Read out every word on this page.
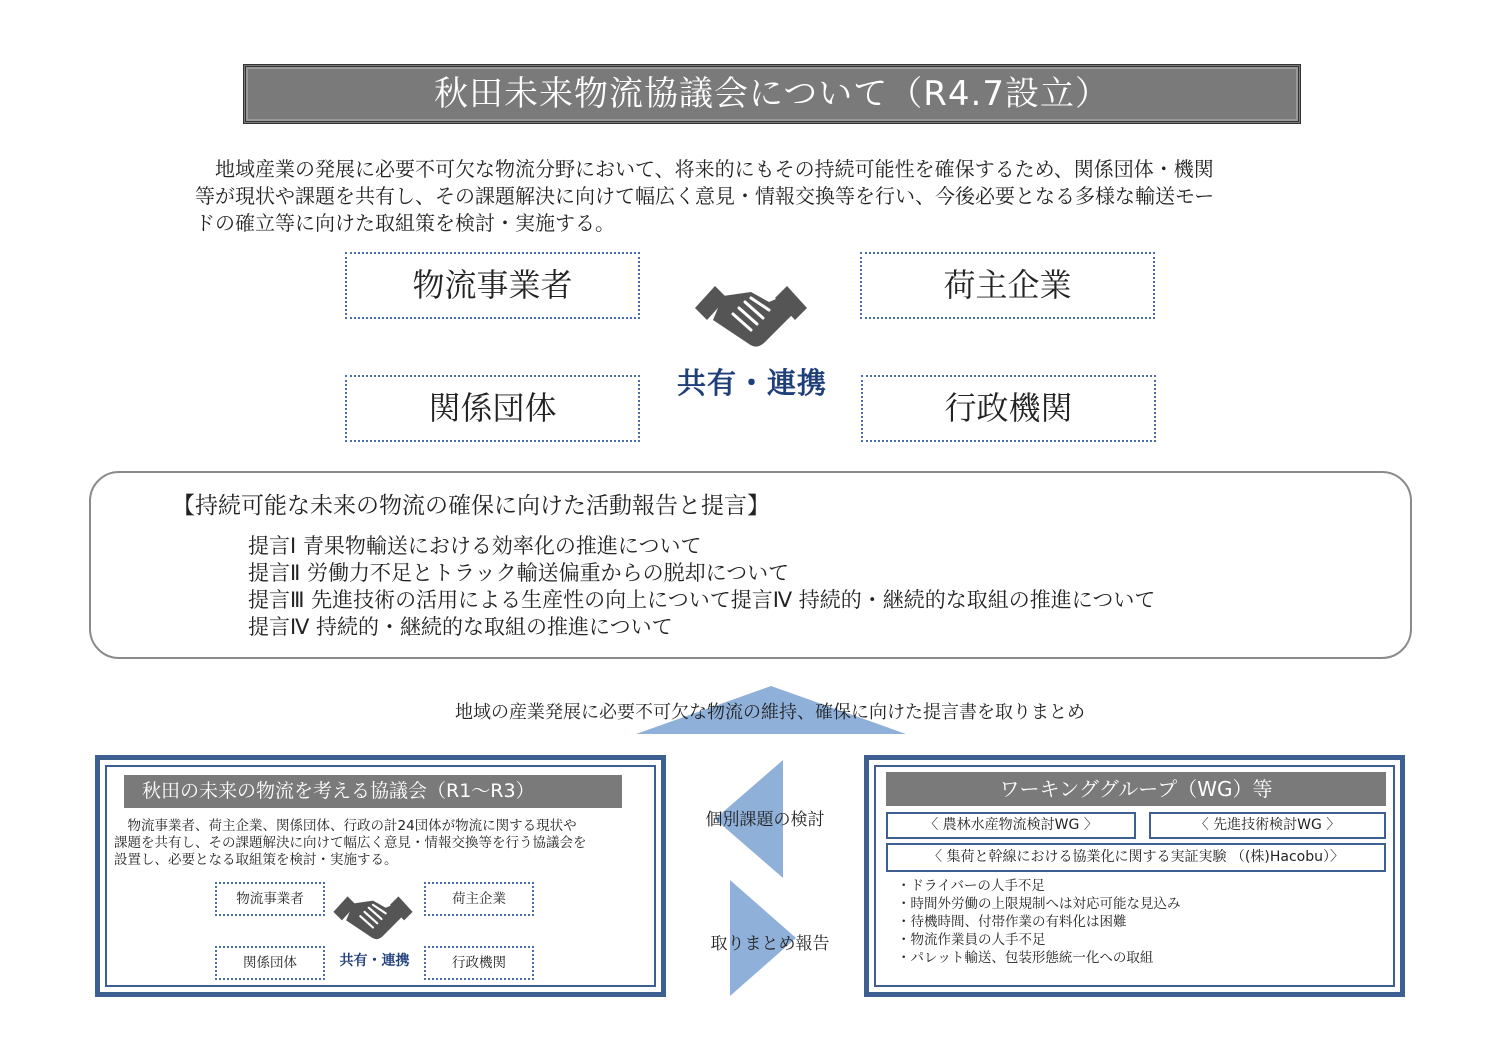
秋田未来物流協議会について（R4.7設立）
　地域産業の発展に必要不可欠な物流分野において、将来的にもその持続可能性を確保するため、関係団体・機関
等が現状や課題を共有し、その課題解決に向けて幅広く意見・情報交換等を行い、今後必要となる多様な輸送モー
ドの確立等に向けた取組策を検討・実施する。
物流事業者	荷主企業
関係団体	行政機関
共有・連携
【持続可能な未来の物流の確保に向けた活動報告と提言】
提言Ⅰ 青果物輸送における効率化の推進について
提言Ⅱ 労働力不足とトラック輸送偏重からの脱却について
提言Ⅲ 先進技術の活用による生産性の向上について提言Ⅳ 持続的・継続的な取組の推進について
提言Ⅳ 持続的・継続的な取組の推進について
地域の産業発展に必要不可欠な物流の維持、確保に向けた提言書を取りまとめ
秋田の未来の物流を考える協議会（R1～R3）
　物流事業者、荷主企業、関係団体、行政の計24団体が物流に関する現状や
課題を共有し、その課題解決に向けて幅広く意見・情報交換等を行う協議会を
設置し、必要となる取組策を検討・実施する。
物流事業者	荷主企業
関係団体	行政機関
共有・連携
個別課題の検討
取りまとめ報告
ワーキンググループ（WG）等
〈 農林水産物流検討WG 〉	〈 先進技術検討WG 〉
〈 集荷と幹線における協業化に関する実証実験 （(株)Hacobu）〉
・ドライバーの人手不足
・時間外労働の上限規制へは対応可能な見込み
・待機時間、付帯作業の有料化は困難
・物流作業員の人手不足
・パレット輸送、包装形態統一化への取組
